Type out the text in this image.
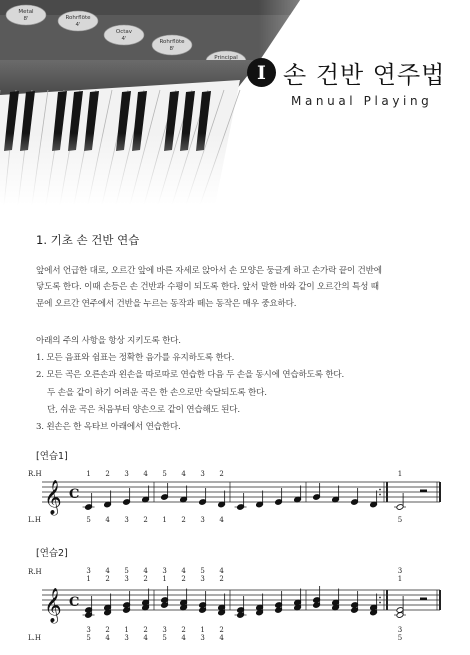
I 손 건반 연주법
Manual Playing
1. 기초 손 건반 연습

앞에서 언급한 대로, 오르간 앞에 바른 자세로 앉아서 손 모양은 둥글게 하고 손가락 끝이 건반에

닿도록 한다. 이때 손등은 손 건반과 수평이 되도록 한다. 앞서 말한 바와 같이 오르간의 특성 때

문에 오르간 연주에서 건반을 누르는 동작과 떼는 동작은 매우 중요하다.

아래의 주의 사항을 항상 지키도록 한다.
1. 모든 음표와 쉼표는 정확한 음가를 유지하도록 한다.
2. 모든 곡은 오른손과 왼손을 따로따로 연습한 다음 두 손을 동시에 연습하도록 한다.
두 손을 같이 하기 어려운 곡은 한 손으로만 숙달되도록 한다.
단, 쉬운 곡은 처음부터 양손으로 같이 연습해도 된다.
3. 왼손은 한 옥타브 아래에서 연습한다.
[연습1]
𝄞 C
R.H
L.H
1 2 3 4 5 4 3 2	1
5 4 3 2 1 2 3 4	5
[연습2]
𝄞 C
R.H
L.H
3 4 5 4 3 4 5 4	3
1 2 3 2 1 2 3 2	1
3 2 1 2 3 2 1 2	3
5 4 3 4 5 4 3 4	5
